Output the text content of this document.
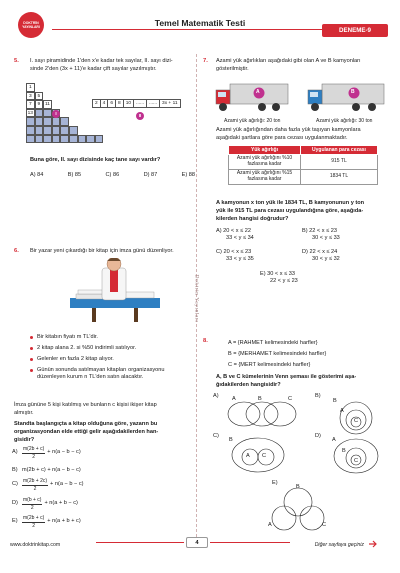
DOKTRİN YAYINLARI	Temel Matematik Testi
DENEME-9
Doktrin Yayınları
5. I. sayı piramidinde 1'den x'e kadar tek sayılar, II. sayı dizi-
sinde 2'den (3x + 11)'e kadar çift sayılar yazılmıştır.
1
3	5
7	9 11
13	I
2	4	6	8	10	......	......	3x + 11
II
Buna göre, II. sayı dizisinde kaç tane sayı vardır?
A) 84	B) 85	C) 86	D) 87	E) 88
6. Bir yazar yeni çıkardığı bir kitap için imza günü düzenliyor.
Bir kitabın fiyatı m TL'dir.
2 kitap alana 2. si %50 indirimli satılıyor.
Gelenler en fazla 2 kitap alıyor.
Günün sonunda satılmayan kitapları organizasyonu düzenleyen kurum n TL'den satın alacaktır.
İmza gününe 5 kişi katılmış ve bunların c kişisi ikişer kitap
almıştır.
Standta başlangıçta a kitap olduğuna göre, yazarın bu
organizasyondan elde ettiği gelir aşağıdakilerden han-
gisidir?
$A) \frac{m(2b + c)}{2} + n(a - b - c)$
B) m(2b + c) + n(a − b − c)
$C) \frac{m(2b + 2c)}{2} + n(a - b - c)$
$D) \frac{m(b + c)}{2} + n(a + b - c)$
$E) \frac{m(2b + c)}{2} + n(a + b + c)$
7. Azami yük ağırlıkları aşağıdaki gibi olan A ve B kamyonları
gösterilmiştir.
A	B
Azami yük ağırlığı: 20 ton	Azami yük ağırlığı: 30 ton
Azami yük ağırlığından daha fazla yük taşıyan kamyonlara
aşağıdaki şartlara göre para cezası uygulanmaktadır.
Yük ağırlığı	Uygulanan para cezası
Azami yük ağırlığını %10 fazlasına kadar	915 TL
Azami yük ağırlığını %15 fazlasına kadar	1834 TL
A kamyonun x ton yük ile 1834 TL, B kamyonunun y ton
yük ile 915 TL para cezası uygulandığına göre, aşağıda-
kilerden hangisi doğrudur?
A) 20 < x ≤ 22
33 < y ≤ 34
B) 22 < x ≤ 23
30 < y ≤ 33
C) 20 < x ≤ 23
33 < y ≤ 35
D) 22 < x ≤ 24
30 < y ≤ 32
E) 30 < x ≤ 33
22 < y ≤ 23
8.	A = {RAHMET kelimesindeki harfler}
B = {MERHAMET kelimesindeki harfler}
C = {MERT kelimesindeki harfler}
A, B ve C kümelerinin Venn şeması ile gösterimi aşa-
ğıdakilerden hangisidir?
A) A	B	C	B)
B
A
C
C)
B
A C
D)
A
B
C
E)
B
A	C
www.doktrinkitap.com	4	Diğer sayfaya geçiniz
